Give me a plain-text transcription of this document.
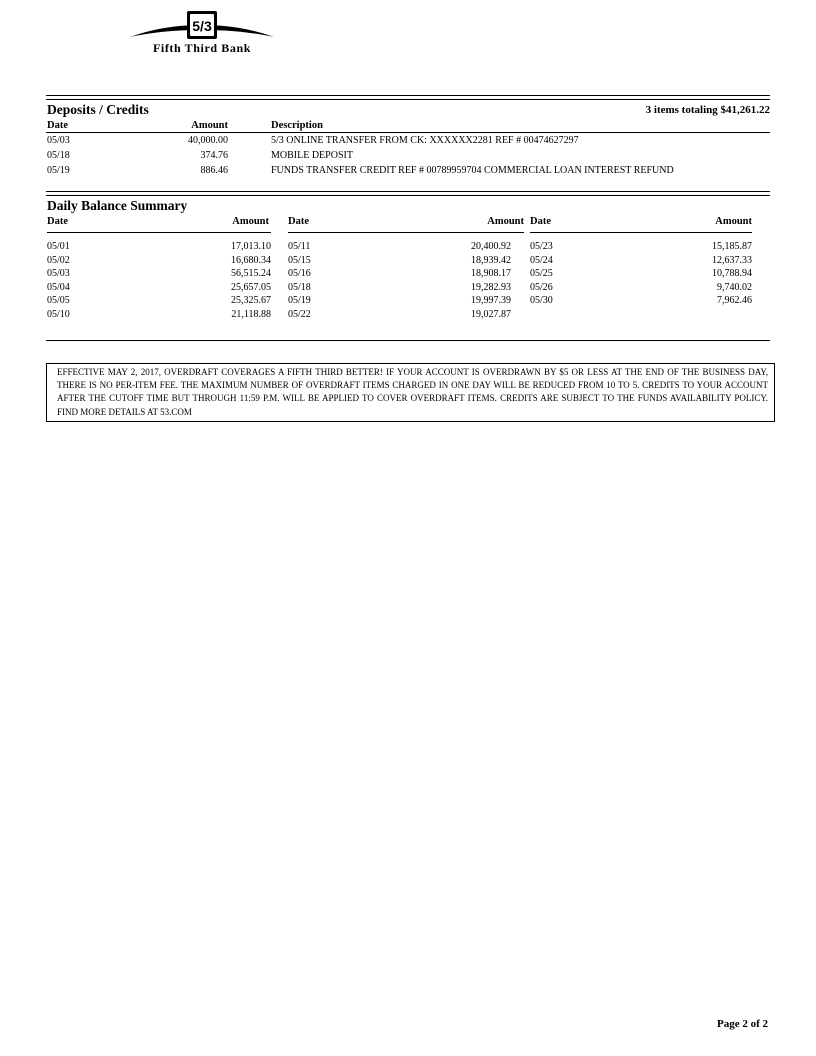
5/3
Fifth Third Bank
Deposits / Credits	3 items totaling $41,261.22
Date	Amount	Description
05/03	40,000.00	5/3 ONLINE TRANSFER FROM CK: XXXXXX2281 REF # 00474627297
05/18	374.76	MOBILE DEPOSIT
05/19	886.46	FUNDS TRANSFER CREDIT REF # 00789959704 COMMERCIAL LOAN INTEREST REFUND
Daily Balance Summary
Date	Amount
05/01	17,013.10
05/02	16,680.34
05/03	56,515.24
05/04	25,657.05
05/05	25,325.67
05/10	21,118.88
Date	Amount
05/11	20,400.92
05/15	18,939.42
05/16	18,908.17
05/18	19,282.93
05/19	19,997.39
05/22	19,027.87
Date	Amount
05/23	15,185.87
05/24	12,637.33
05/25	10,788.94
05/26	9,740.02
05/30	7,962.46
EFFECTIVE MAY 2, 2017, OVERDRAFT COVERAGES A FIFTH THIRD BETTER! IF YOUR ACCOUNT IS OVERDRAWN BY $5 OR LESS AT THE END OF THE BUSINESS DAY, THERE IS NO PER-ITEM FEE. THE MAXIMUM NUMBER OF OVERDRAFT ITEMS CHARGED IN ONE DAY WILL BE REDUCED FROM 10 TO 5. CREDITS TO YOUR ACCOUNT AFTER THE CUTOFF TIME BUT THROUGH 11:59 P.M. WILL BE APPLIED TO COVER OVERDRAFT ITEMS. CREDITS ARE SUBJECT TO THE FUNDS AVAILABILITY POLICY. FIND MORE DETAILS AT 53.COM
Page 2 of 2
